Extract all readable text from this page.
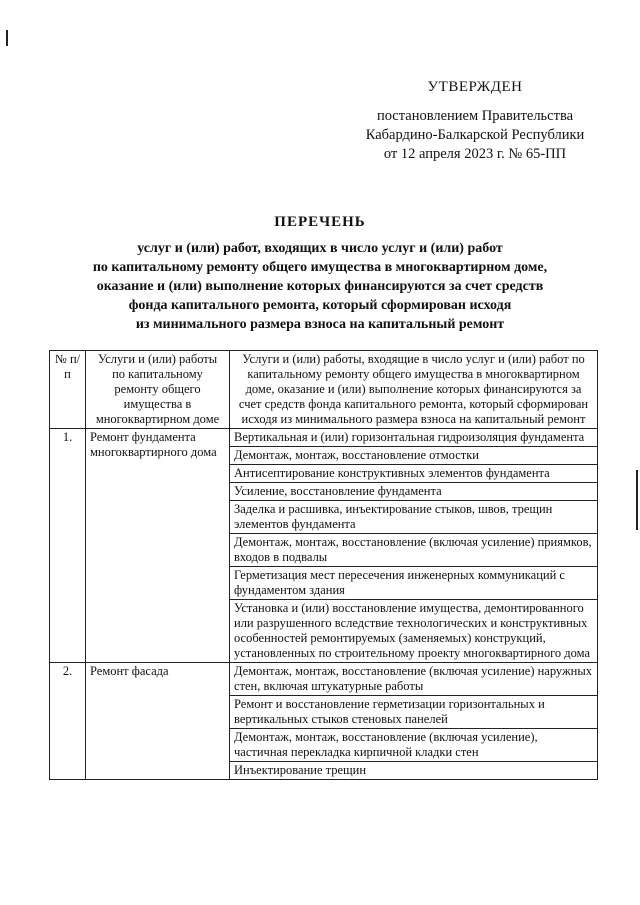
УТВЕРЖДЕН
постановлением Правительства
Кабардино-Балкарской Республики
от 12 апреля 2023 г. № 65-ПП
ПЕРЕЧЕНЬ
услуг и (или) работ, входящих в число услуг и (или) работ
по капитальному ремонту общего имущества в многоквартирном доме,
оказание и (или) выполнение которых финансируются за счет средств
фонда капитального ремонта, который сформирован исходя
из минимального размера взноса на капитальный ремонт
№ п/п	Услуги и (или) работы по капитальному ремонту общего имущества в многоквартирном доме	Услуги и (или) работы, входящие в число услуг и (или) работ по капитальному ремонту общего имущества в многоквартирном доме, оказание и (или) выполнение которых финансируются за счет средств фонда капитального ремонта, который сформирован исходя из минимального размера взноса на капитальный ремонт
1.	Ремонт фундамента многоквартирного дома	Вертикальная и (или) горизонтальная гидроизоляция фундамента
		Демонтаж, монтаж, восстановление отмостки
		Антисептирование конструктивных элементов фундамента
		Усиление, восстановление фундамента
		Заделка и расшивка, инъектирование стыков, швов, трещин элементов фундамента
		Демонтаж, монтаж, восстановление (включая усиление) приямков, входов в подвалы
		Герметизация мест пересечения инженерных коммуникаций с фундаментом здания
		Установка и (или) восстановление имущества, демонтированного или разрушенного вследствие технологических и конструктивных особенностей ремонтируемых (заменяемых) конструкций, установленных по строительному проекту многоквартирного дома
2.	Ремонт фасада	Демонтаж, монтаж, восстановление (включая усиление) наружных стен, включая штукатурные работы
		Ремонт и восстановление герметизации горизонтальных и вертикальных стыков стеновых панелей
		Демонтаж, монтаж, восстановление (включая усиление), частичная перекладка кирпичной кладки стен
		Инъектирование трещин
